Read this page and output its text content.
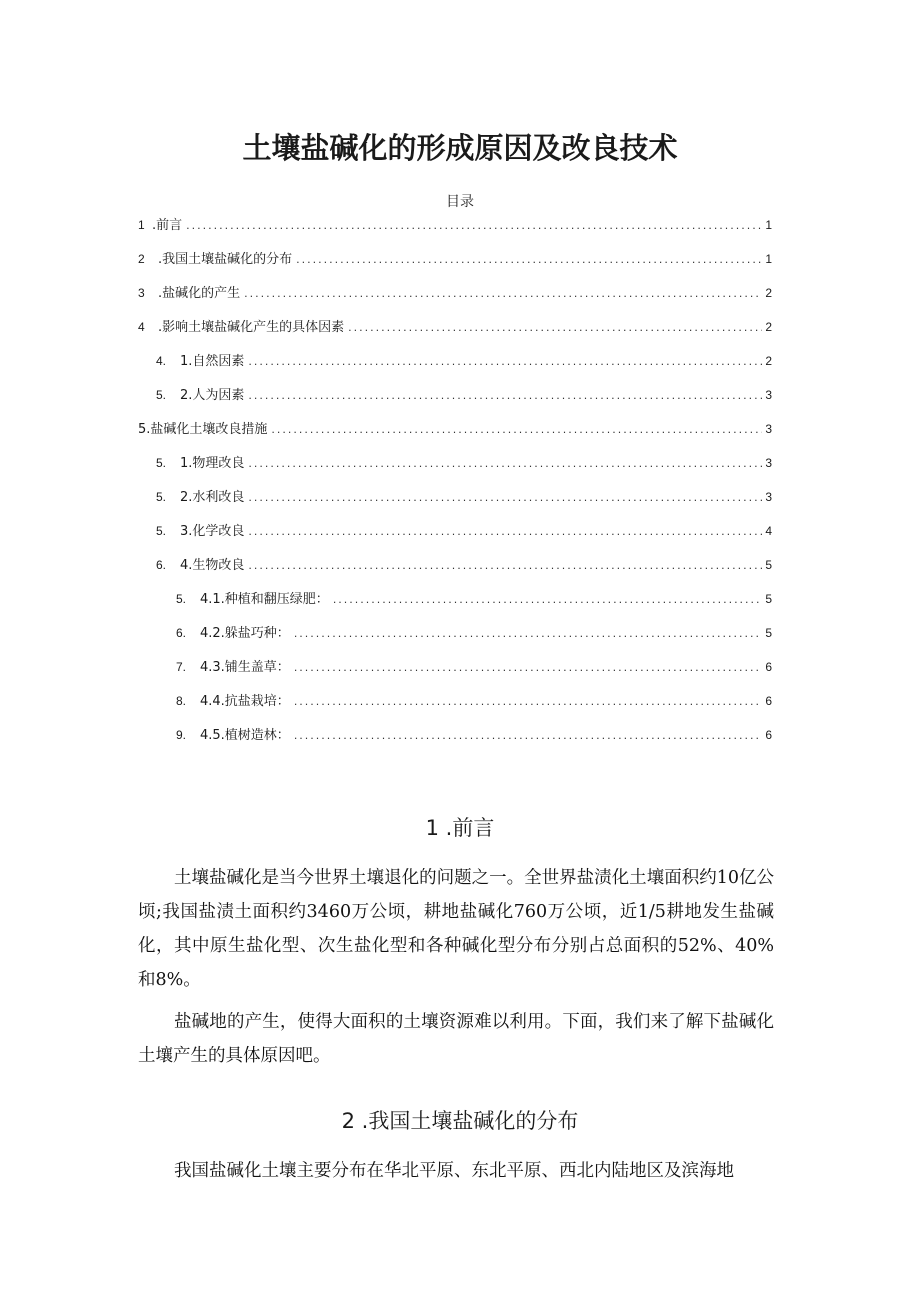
土壤盐碱化的形成原因及改良技术
目录
1 .前言 .....	1
2	.我国土壤盐碱化的分布 .....	1
3	.盐碱化的产生 .....	2
4	.影响土壤盐碱化产生的具体因素 .....	2
4.	1.自然因素 .....	2
5.	2.人为因素 .....	3
5.盐碱化土壤改良措施 .....	3
5.	1.物理改良 .....	3
5.	2.水利改良 .....	3
5.	3.化学改良 .....	4
6.	4.生物改良 .....	5
5.	4.1.种植和翻压绿肥： .....	5
6.	4.2.躲盐巧种： .....	5
7.	4.3.铺生盖草： .....	6
8.	4.4.抗盐栽培： .....	6
9.	4.5.植树造林： .....	6
1 .前言

土壤盐碱化是当今世界土壤退化的问题之一。全世界盐渍化土壤面积约10亿公顷;我国盐渍土面积约3460万公顷，耕地盐碱化760万公顷，近1/5耕地发生盐碱化，其中原生盐化型、次生盐化型和各种碱化型分布分别占总面积的52%、40%和8%。

盐碱地的产生，使得大面积的土壤资源难以利用。下面，我们来了解下盐碱化土壤产生的具体原因吧。

2 .我国土壤盐碱化的分布

我国盐碱化土壤主要分布在华北平原、东北平原、西北内陆地区及滨海地
